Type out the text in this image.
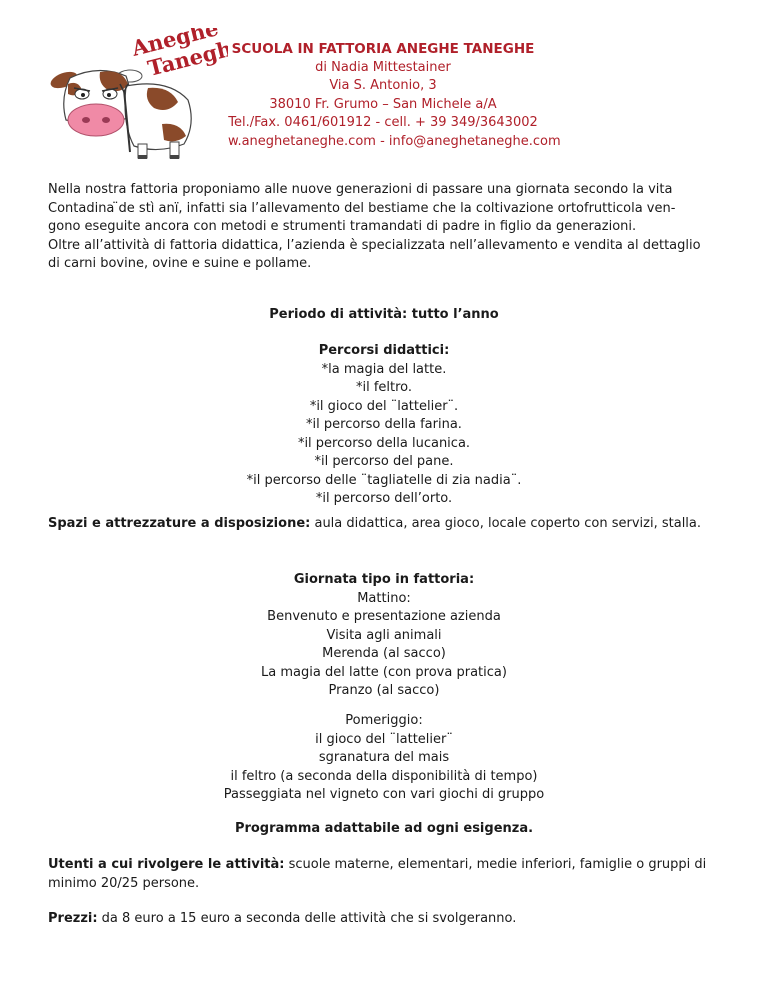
Aneghe
Taneghe
SCUOLA IN FATTORIA ANEGHE TANEGHE
di Nadia Mittestainer
Via S. Antonio, 3
38010 Fr. Grumo – San Michele a/A
Tel./Fax. 0461/601912 - cell. + 39 349/3643002
w.aneghetaneghe.com - info@aneghetaneghe.com

Nella nostra fattoria proponiamo alle nuove generazioni di passare una giornata secondo la vita

Contadina ̈de stì anï, infatti sia l’allevamento del bestiame che la coltivazione ortofrutticola ven-

gono eseguite ancora con metodi e strumenti tramandati di padre in figlio da generazioni.

Oltre all’attività di fattoria didattica, l’azienda è specializzata nell’allevamento e vendita al dettaglio

di carni bovine, ovine e suine e pollame.

Periodo di attività: tutto l’anno

Percorsi didattici:

*la magia del latte.

*il feltro.

*il gioco del ¨lattelier¨.

*il percorso della farina.

*il percorso della lucanica.

*il percorso del pane.

*il percorso delle ¨tagliatelle di zia nadia¨.

*il percorso dell’orto.

Spazi e attrezzature a disposizione: aula didattica, area gioco, locale coperto con servizi, stalla.

Giornata tipo in fattoria:

Mattino:

Benvenuto e presentazione azienda

Visita agli animali

Merenda (al sacco)

La magia del latte (con prova pratica)

Pranzo (al sacco)

Pomeriggio:

il gioco del ¨lattelier¨

sgranatura del mais

il feltro (a seconda della disponibilità di tempo)

Passeggiata nel vigneto con vari giochi di gruppo

Programma adattabile ad ogni esigenza.

Utenti a cui rivolgere le attività: scuole materne, elementari, medie inferiori, famiglie o gruppi di

minimo 20/25 persone.

Prezzi: da 8 euro a 15 euro a seconda delle attività che si svolgeranno.
